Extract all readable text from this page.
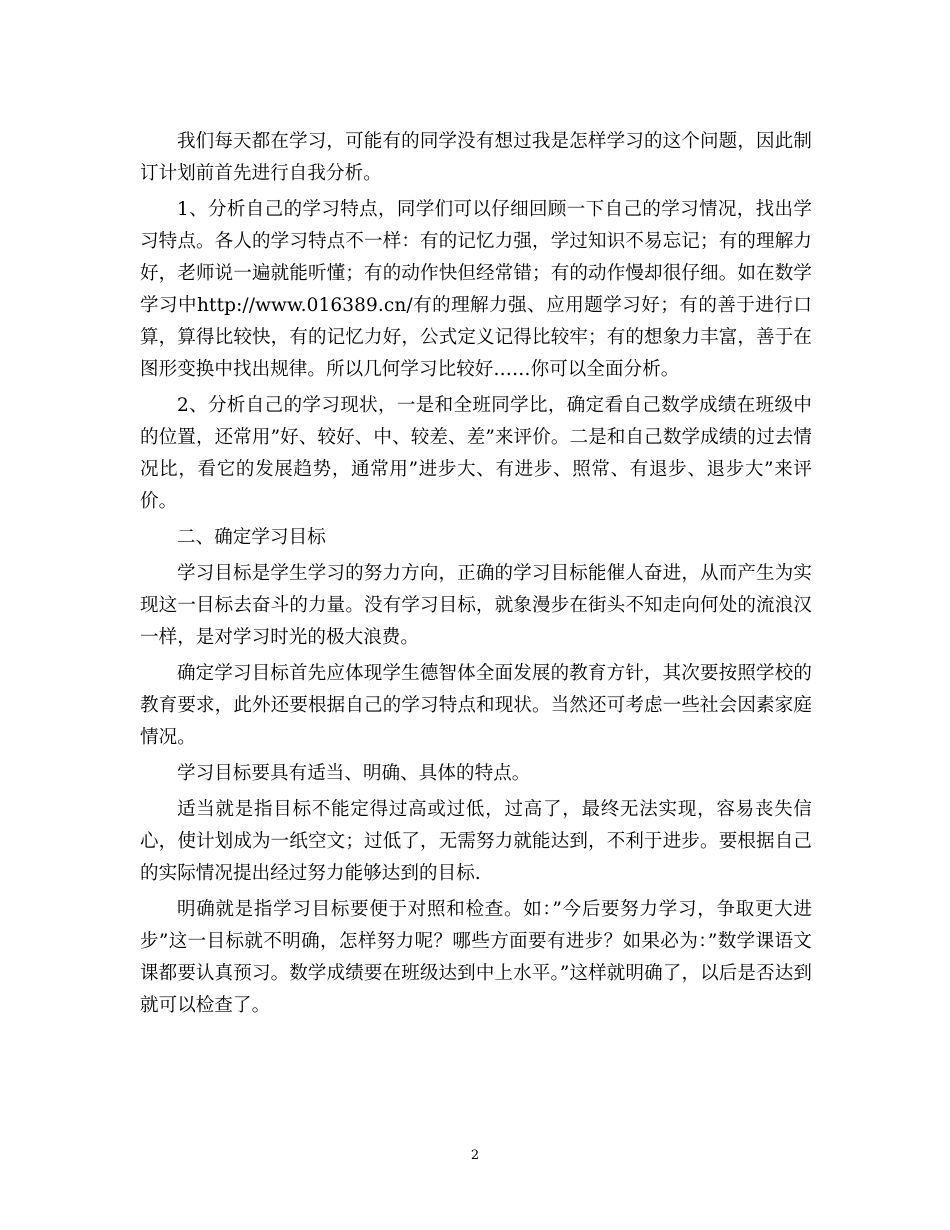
我们每天都在学习，可能有的同学没有想过我是怎样学习的这个问题，因此制订计划前首先进行自我分析。

1、分析自己的学习特点，同学们可以仔细回顾一下自己的学习情况，找出学习特点。各人的学习特点不一样：有的记忆力强，学过知识不易忘记；有的理解力好，老师说一遍就能听懂；有的动作快但经常错；有的动作慢却很仔细。如在数学学习中http://www.016389.cn/有的理解力强、应用题学习好；有的善于进行口算，算得比较快，有的记忆力好，公式定义记得比较牢；有的想象力丰富，善于在图形变换中找出规律。所以几何学习比较好……你可以全面分析。

2、分析自己的学习现状，一是和全班同学比，确定看自己数学成绩在班级中的位置，还常用”好、较好、中、较差、差”来评价。二是和自己数学成绩的过去情况比，看它的发展趋势，通常用”进步大、有进步、照常、有退步、退步大”来评价。

二、确定学习目标

学习目标是学生学习的努力方向，正确的学习目标能催人奋进，从而产生为实现这一目标去奋斗的力量。没有学习目标，就象漫步在街头不知走向何处的流浪汉一样，是对学习时光的极大浪费。

确定学习目标首先应体现学生德智体全面发展的教育方针，其次要按照学校的教育要求，此外还要根据自己的学习特点和现状。当然还可考虑一些社会因素家庭情况。

学习目标要具有适当、明确、具体的特点。

适当就是指目标不能定得过高或过低，过高了，最终无法实现，容易丧失信心，使计划成为一纸空文；过低了，无需努力就能达到，不利于进步。要根据自己的实际情况提出经过努力能够达到的目标.

明确就是指学习目标要便于对照和检查。如：”今后要努力学习，争取更大进步”这一目标就不明确，怎样努力呢？哪些方面要有进步？如果必为：”数学课语文课都要认真预习。数学成绩要在班级达到中上水平。”这样就明确了，以后是否达到就可以检查了。

2
